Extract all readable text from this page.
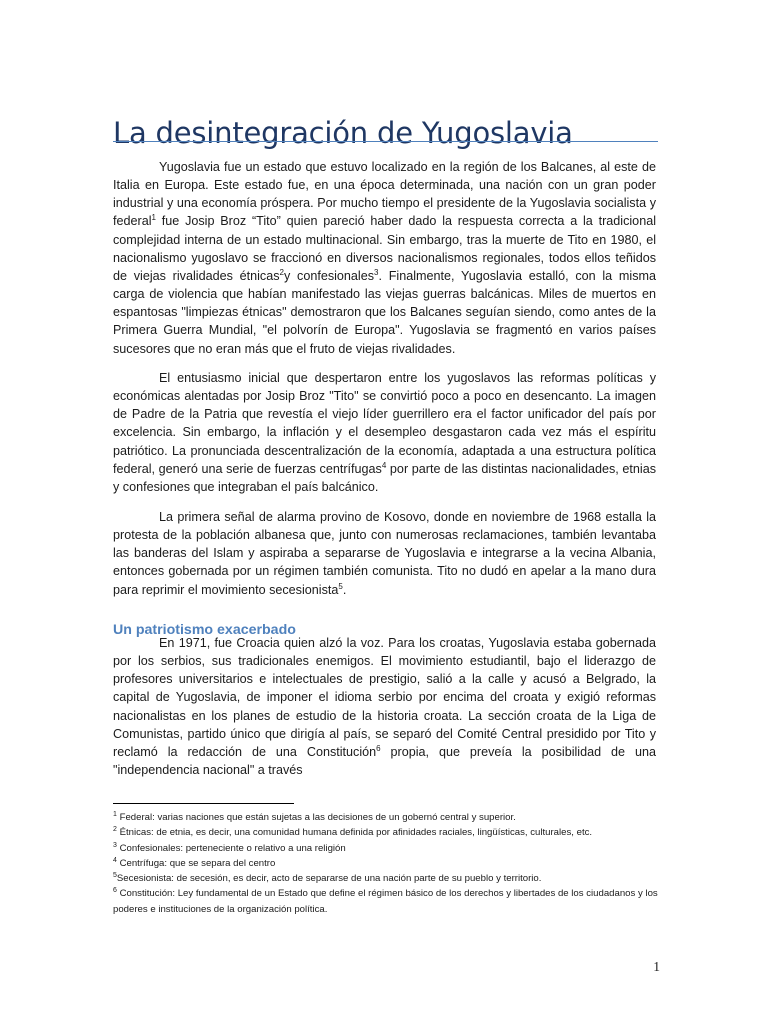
La desintegración de Yugoslavia

Yugoslavia fue un estado que estuvo localizado en la región de los Balcanes, al este de Italia en Europa. Este estado fue, en una época determinada, una nación con un gran poder industrial y una economía próspera. Por mucho tiempo el presidente de la Yugoslavia socialista y federal$^1$ fue Josip Broz “Tito” quien pareció haber dado la respuesta correcta a la tradicional complejidad interna de un estado multinacional. Sin embargo, tras la muerte de Tito en 1980, el nacionalismo yugoslavo se fraccionó en diversos nacionalismos regionales, todos ellos teñidos de viejas rivalidades étnicas$^2$y confesionales$^3$. Finalmente, Yugoslavia estalló, con la misma carga de violencia que habían manifestado las viejas guerras balcánicas. Miles de muertos en espantosas "limpiezas étnicas" demostraron que los Balcanes seguían siendo, como antes de la Primera Guerra Mundial, "el polvorín de Europa". Yugoslavia se fragmentó en varios países sucesores que no eran más que el fruto de viejas rivalidades.

El entusiasmo inicial que despertaron entre los yugoslavos las reformas políticas y económicas alentadas por Josip Broz "Tito" se convirtió poco a poco en desencanto. La imagen de Padre de la Patria que revestía el viejo líder guerrillero era el factor unificador del país por excelencia. Sin embargo, la inflación y el desempleo desgastaron cada vez más el espíritu patriótico. La pronunciada descentralización de la economía, adaptada a una estructura política federal, generó una serie de fuerzas centrífugas$^4$ por parte de las distintas nacionalidades, etnias y confesiones que integraban el país balcánico.

La primera señal de alarma provino de Kosovo, donde en noviembre de 1968 estalla la protesta de la población albanesa que, junto con numerosas reclamaciones, también levantaba las banderas del Islam y aspiraba a separarse de Yugoslavia e integrarse a la vecina Albania, entonces gobernada por un régimen también comunista. Tito no dudó en apelar a la mano dura para reprimir el movimiento secesionista$^5$.

Un patriotismo exacerbado

En 1971, fue Croacia quien alzó la voz. Para los croatas, Yugoslavia estaba gobernada por los serbios, sus tradicionales enemigos. El movimiento estudiantil, bajo el liderazgo de profesores universitarios e intelectuales de prestigio, salió a la calle y acusó a Belgrado, la capital de Yugoslavia, de imponer el idioma serbio por encima del croata y exigió reformas nacionalistas en los planes de estudio de la historia croata. La sección croata de la Liga de Comunistas, partido único que dirigía al país, se separó del Comité Central presidido por Tito y reclamó la redacción de una Constitución$^6$ propia, que preveía la posibilidad de una "independencia nacional" a través

$^1$ Federal: varias naciones que están sujetas a las decisiones de un gobernó central y superior.

$^2$ Étnicas: de etnia, es decir, una comunidad humana definida por afinidades raciales, lingüísticas, culturales, etc.

$^3$ Confesionales: perteneciente o relativo a una religión

$^4$ Centrífuga: que se separa del centro

$^5$Secesionista: de secesión, es decir, acto de separarse de una nación parte de su pueblo y territorio.

$^6$ Constitución: Ley fundamental de un Estado que define el régimen básico de los derechos y libertades de los ciudadanos y los poderes e instituciones de la organización política.

1
